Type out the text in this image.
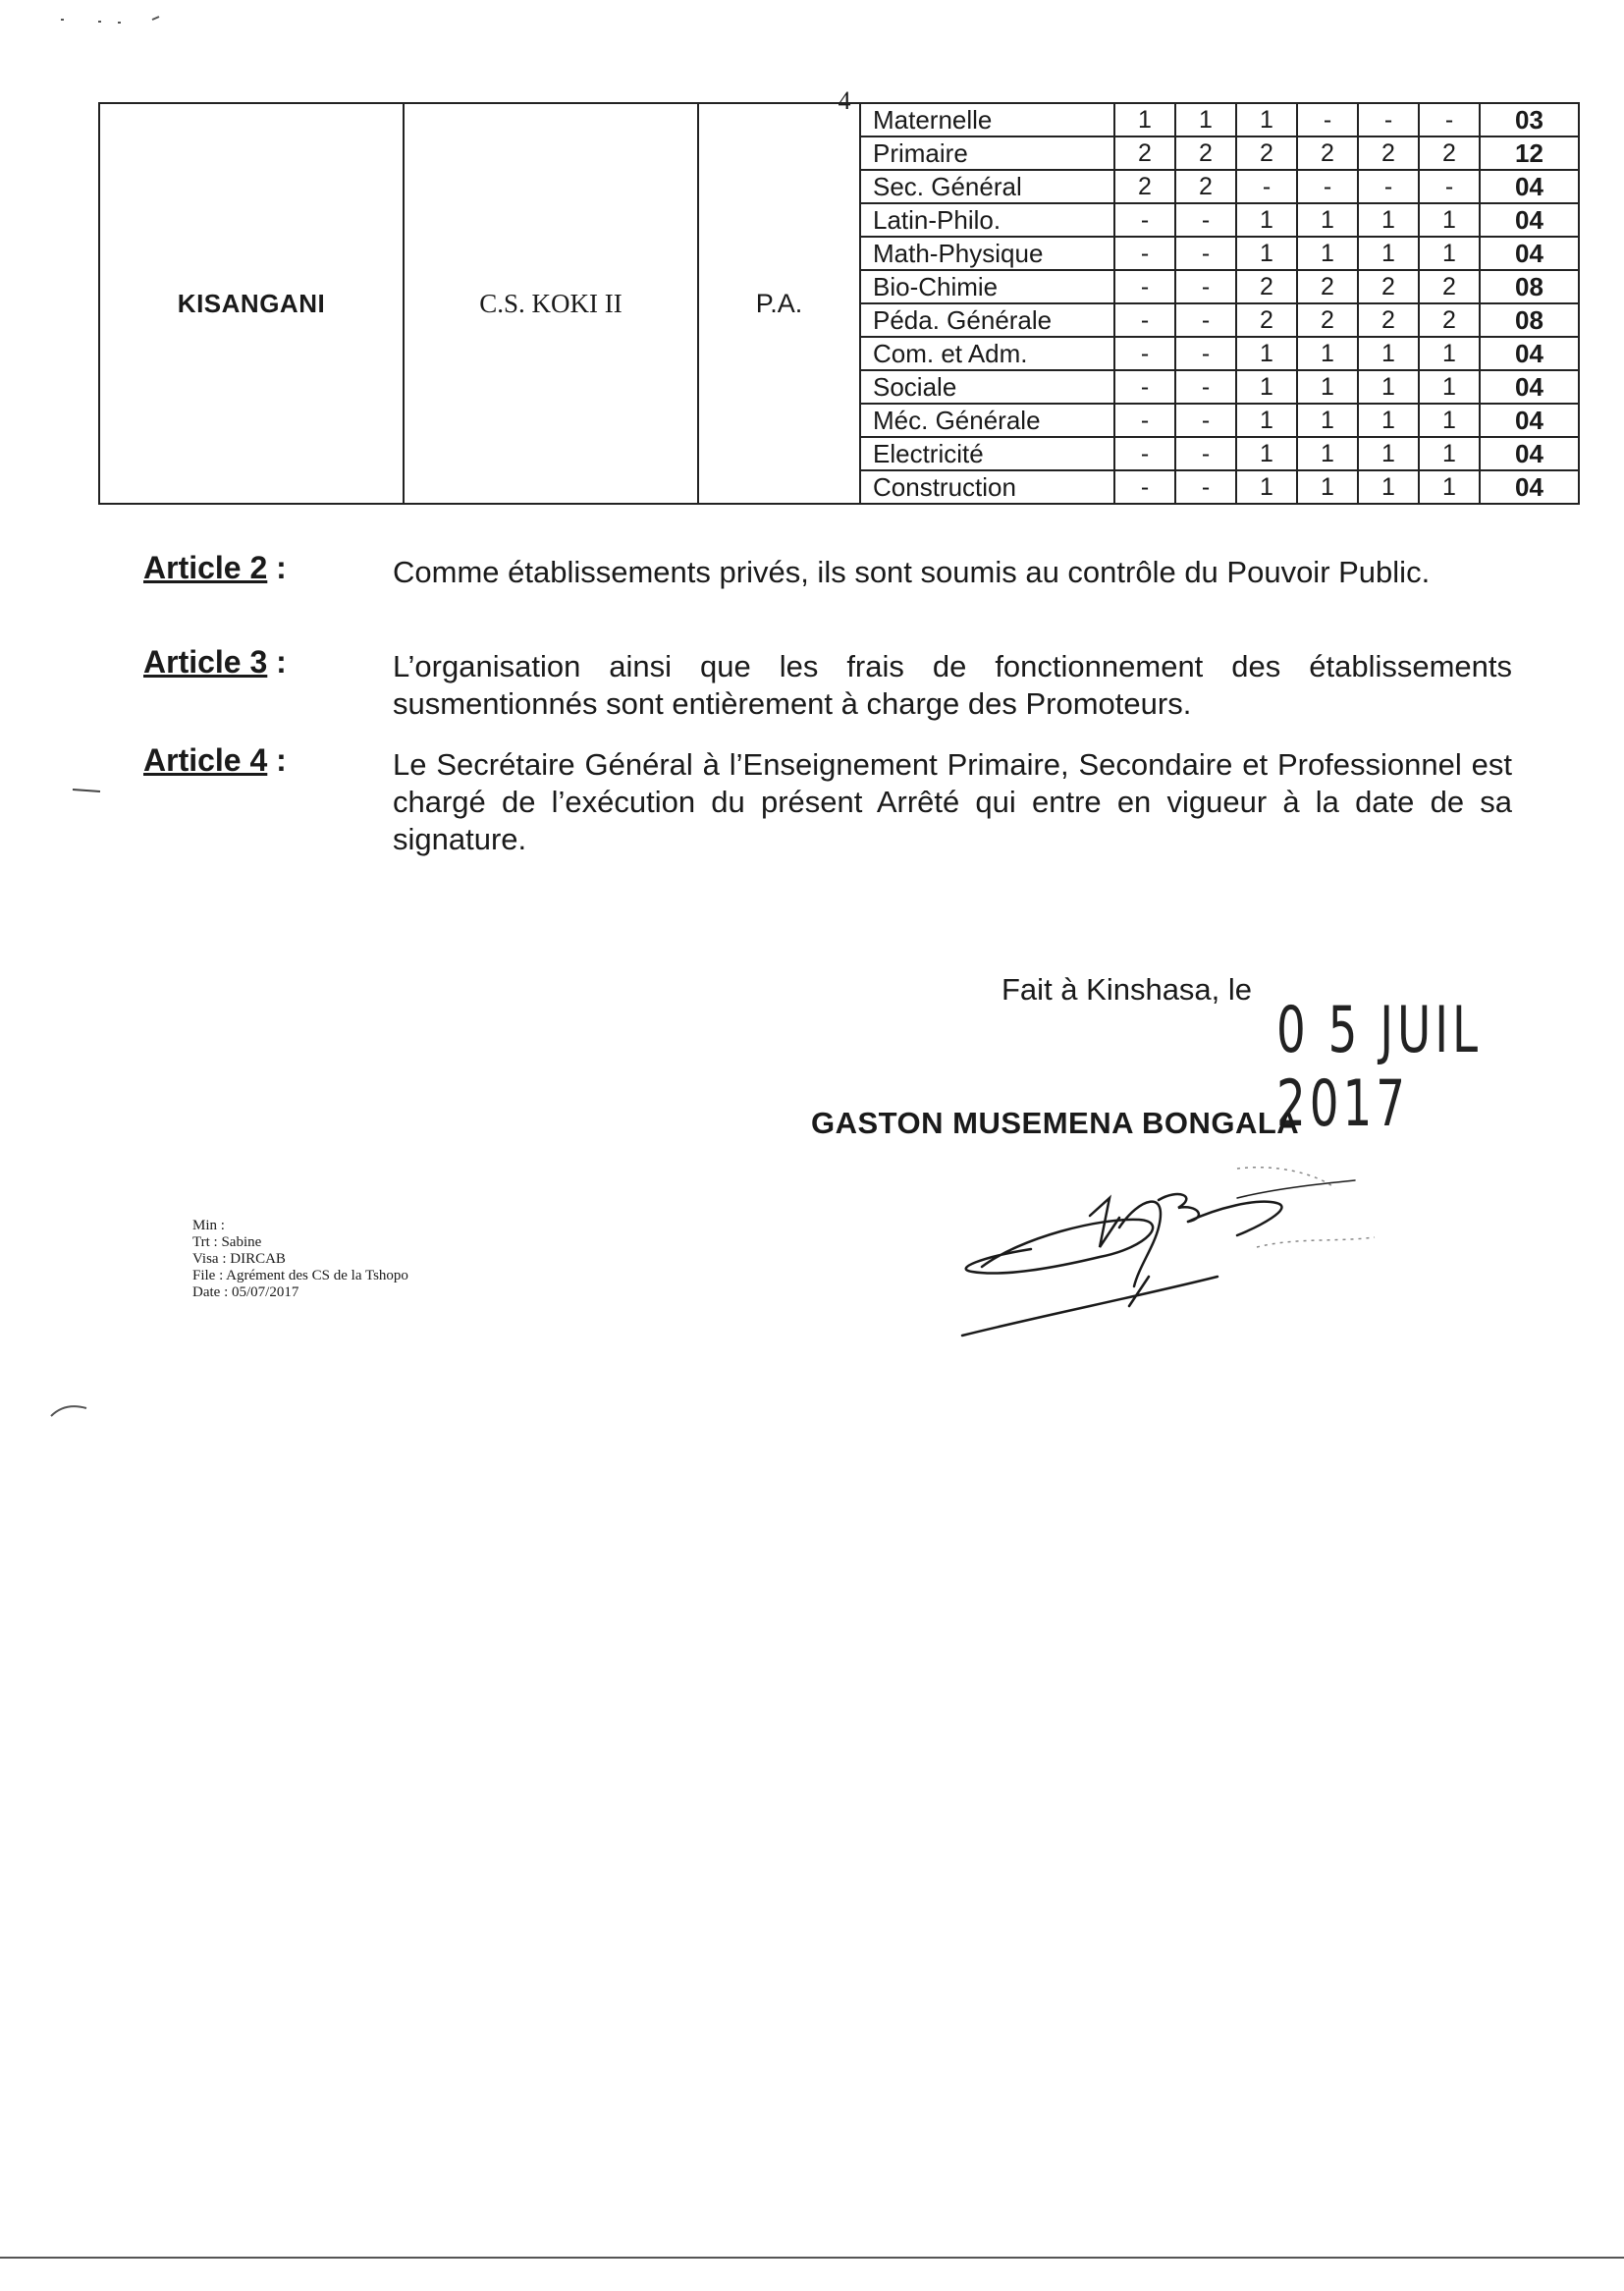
4
KISANGANI	C.S. KOKI II	P.A.	
Maternelle	1	1	1	-	-	-	03
Primaire	2	2	2	2	2	2	12
Sec. Général	2	2	-	-	-	-	04
Latin-Philo.	-	-	1	1	1	1	04
Math-Physique	-	-	1	1	1	1	04
Bio-Chimie	-	-	2	2	2	2	08
Péda. Générale	-	-	2	2	2	2	08
Com. et Adm.	-	-	1	1	1	1	04
Sociale	-	-	1	1	1	1	04
Méc. Générale	-	-	1	1	1	1	04
Electricité	-	-	1	1	1	1	04
Construction	-	-	1	1	1	1	04
Article 2 :	Comme établissements privés, ils sont soumis au contrôle du Pouvoir Public.
Article 3 :	L’organisation ainsi que les frais de fonctionnement des établissements susmentionnés sont entièrement à charge des Promoteurs.
Article 4 :	Le Secrétaire Général à l’Enseignement Primaire, Secondaire et Professionnel est chargé de l’exécution du présent Arrêté qui entre en vigueur à la date de sa signature.
Fait à Kinshasa, le
0 5 JUIL 2017
GASTON MUSEMENA BONGALA
Min :
Trt : Sabine
Visa : DIRCAB
File : Agrément des CS de la Tshopo
Date : 05/07/2017
